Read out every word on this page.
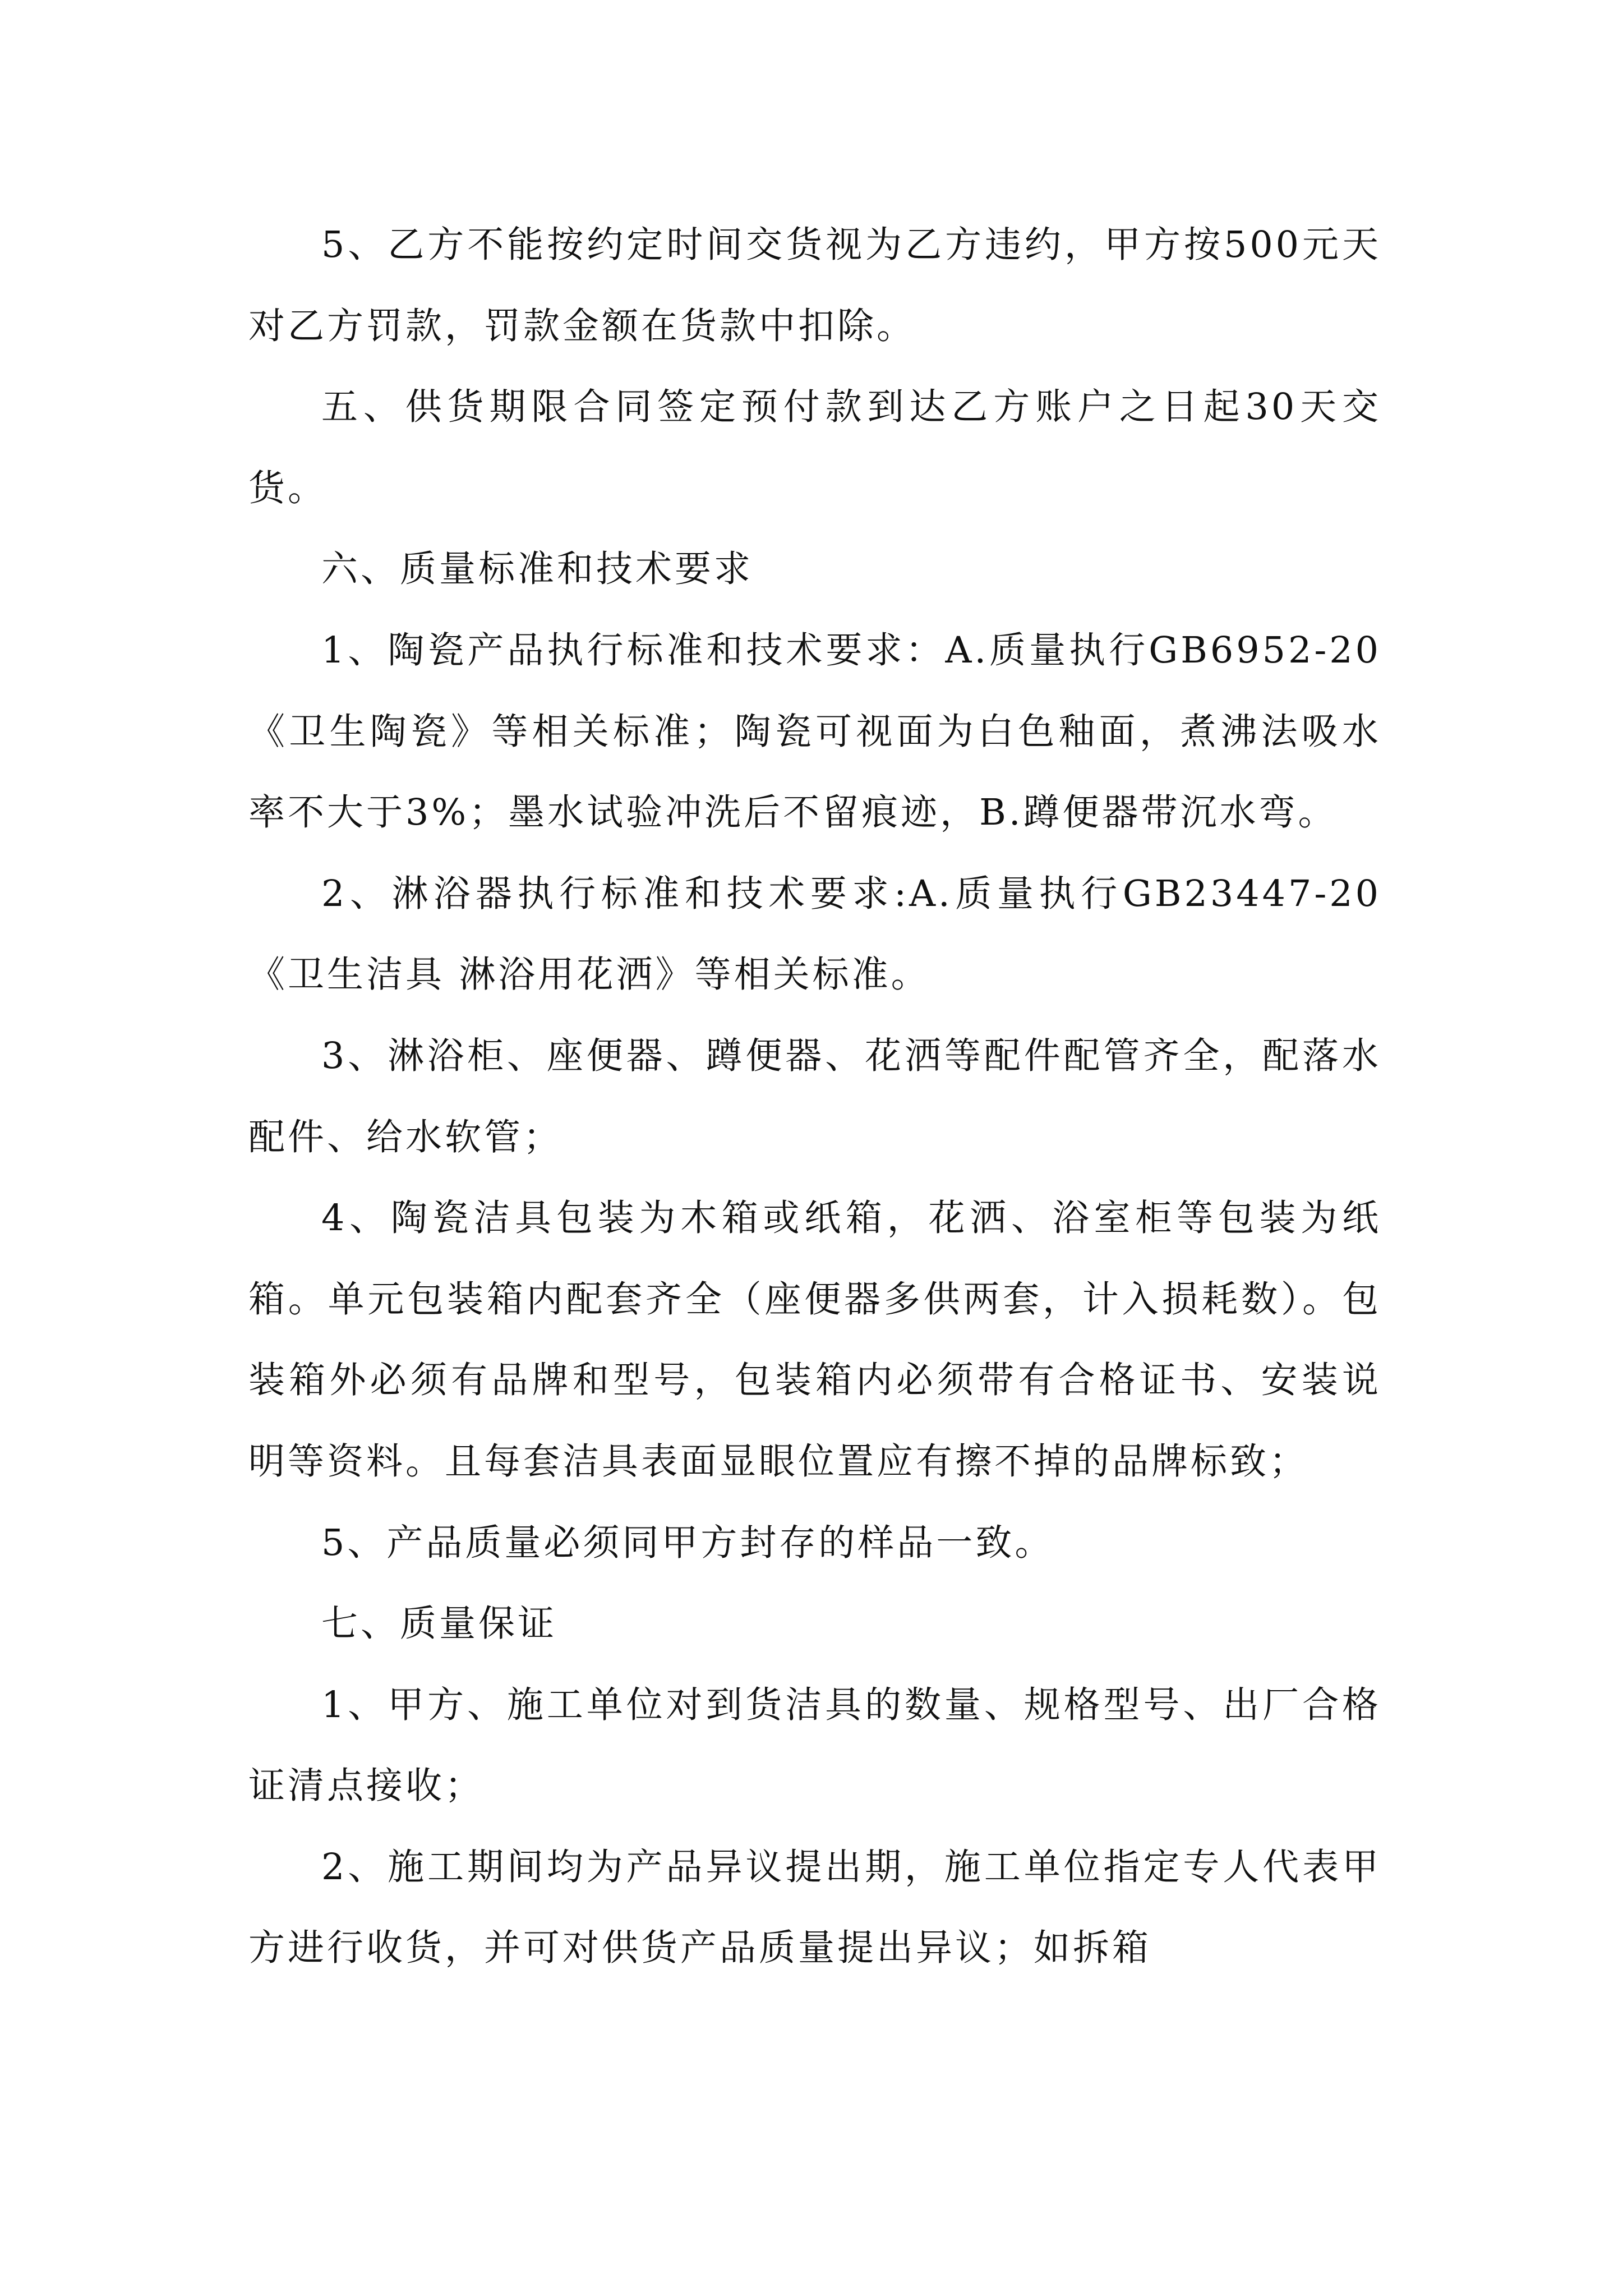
5、乙方不能按约定时间交货视为乙方违约，甲方按500元天对乙方罚款，罚款金额在货款中扣除。

五、供货期限合同签定预付款到达乙方账户之日起30天交货。

六、质量标准和技术要求

1、陶瓷产品执行标准和技术要求：A.质量执行GB6952-20《卫生陶瓷》等相关标准；陶瓷可视面为白色釉面，煮沸法吸水率不大于3%；墨水试验冲洗后不留痕迹，B.蹲便器带沉水弯。

2、淋浴器执行标准和技术要求:A.质量执行GB23447-20《卫生洁具 淋浴用花洒》等相关标准。

3、淋浴柜、座便器、蹲便器、花洒等配件配管齐全，配落水配件、给水软管；

4、陶瓷洁具包装为木箱或纸箱，花洒、浴室柜等包装为纸箱。单元包装箱内配套齐全（座便器多供两套，计入损耗数）。包装箱外必须有品牌和型号，包装箱内必须带有合格证书、安装说明等资料。且每套洁具表面显眼位置应有擦不掉的品牌标致；

5、产品质量必须同甲方封存的样品一致。

七、质量保证

1、甲方、施工单位对到货洁具的数量、规格型号、出厂合格证清点接收；

2、施工期间均为产品异议提出期，施工单位指定专人代表甲方进行收货，并可对供货产品质量提出异议；如拆箱
